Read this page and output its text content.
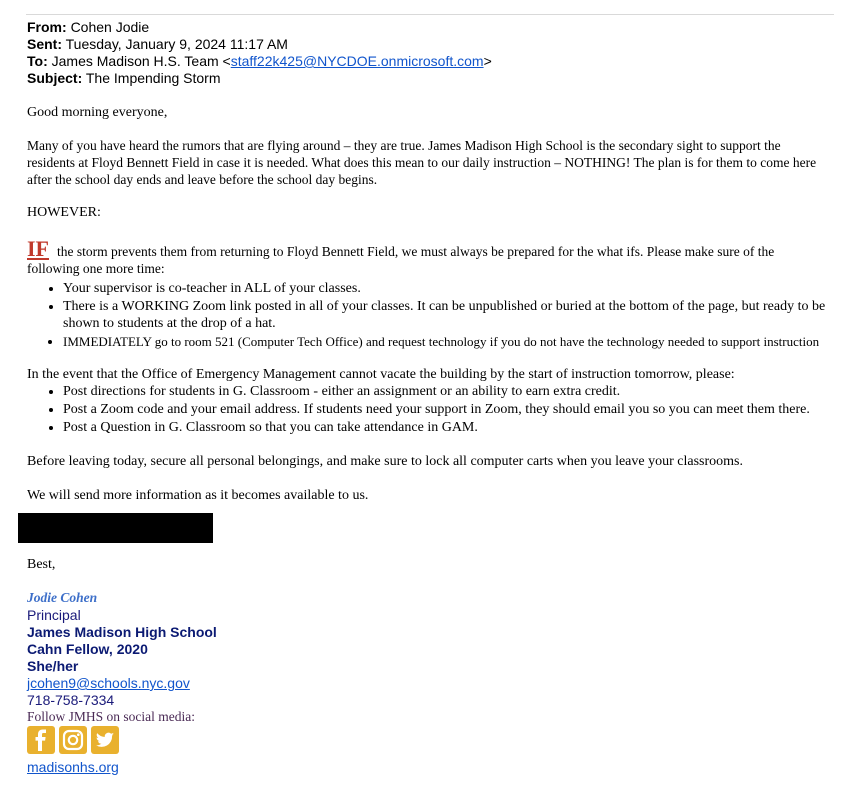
From: Cohen Jodie
Sent: Tuesday, January 9, 2024 11:17 AM
To: James Madison H.S. Team <staff22k425@NYCDOE.onmicrosoft.com>
Subject: The Impending Storm
Good morning everyone,
Many of you have heard the rumors that are flying around – they are true. James Madison High School is the secondary sight to support the residents at Floyd Bennett Field in case it is needed. What does this mean to our daily instruction – NOTHING! The plan is for them to come here after the school day ends and leave before the school day begins.
HOWEVER:
IF the storm prevents them from returning to Floyd Bennett Field, we must always be prepared for the what ifs. Please make sure of the following one more time:
• Your supervisor is co-teacher in ALL of your classes.
• There is a WORKING Zoom link posted in all of your classes. It can be unpublished or buried at the bottom of the page, but ready to be shown to students at the drop of a hat.
• IMMEDIATELY go to room 521 (Computer Tech Office) and request technology if you do not have the technology needed to support instruction
In the event that the Office of Emergency Management cannot vacate the building by the start of instruction tomorrow, please:
• Post directions for students in G. Classroom - either an assignment or an ability to earn extra credit.
• Post a Zoom code and your email address. If students need your support in Zoom, they should email you so you can meet them there.
• Post a Question in G. Classroom so that you can take attendance in GAM.
Before leaving today, secure all personal belongings, and make sure to lock all computer carts when you leave your classrooms.
We will send more information as it becomes available to us.
Best,
Jodie Cohen
Principal
James Madison High School
Cahn Fellow, 2020
She/her
jcohen9@schools.nyc.gov
718-758-7334
Follow JMHS on social media:
madisonhs.org
